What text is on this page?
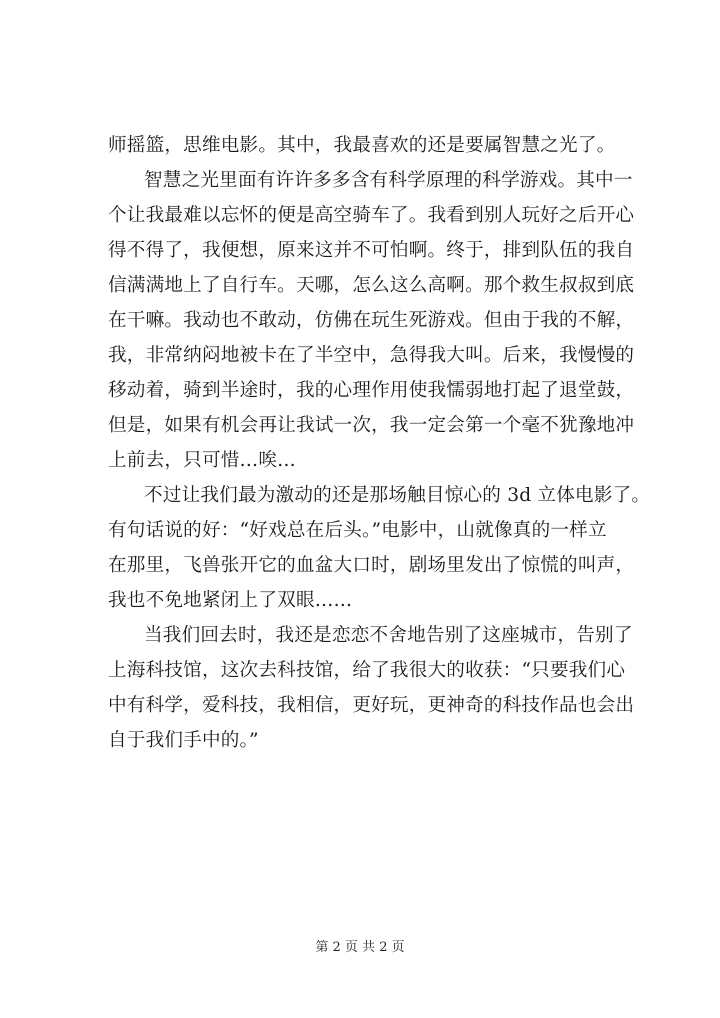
师摇篮，思维电影。其中，我最喜欢的还是要属智慧之光了。
智慧之光里面有许许多多含有科学原理的科学游戏。其中一
个让我最难以忘怀的便是高空骑车了。我看到别人玩好之后开心
得不得了，我便想，原来这并不可怕啊。终于，排到队伍的我自
信满满地上了自行车。天哪，怎么这么高啊。那个救生叔叔到底
在干嘛。我动也不敢动，仿佛在玩生死游戏。但由于我的不解，
我，非常纳闷地被卡在了半空中，急得我大叫。后来，我慢慢的
移动着，骑到半途时，我的心理作用使我懦弱地打起了退堂鼓，
但是，如果有机会再让我试一次，我一定会第一个毫不犹豫地冲
上前去，只可惜…唉…
不过让我们最为激动的还是那场触目惊心的 3d 立体电影了。
有句话说的好：“好戏总在后头。”电影中，山就像真的一样立
在那里，飞兽张开它的血盆大口时，剧场里发出了惊慌的叫声，
我也不免地紧闭上了双眼……
当我们回去时，我还是恋恋不舍地告别了这座城市，告别了
上海科技馆，这次去科技馆，给了我很大的收获：“只要我们心
中有科学，爱科技，我相信，更好玩，更神奇的科技作品也会出
自于我们手中的。”
第 2 页 共 2 页
